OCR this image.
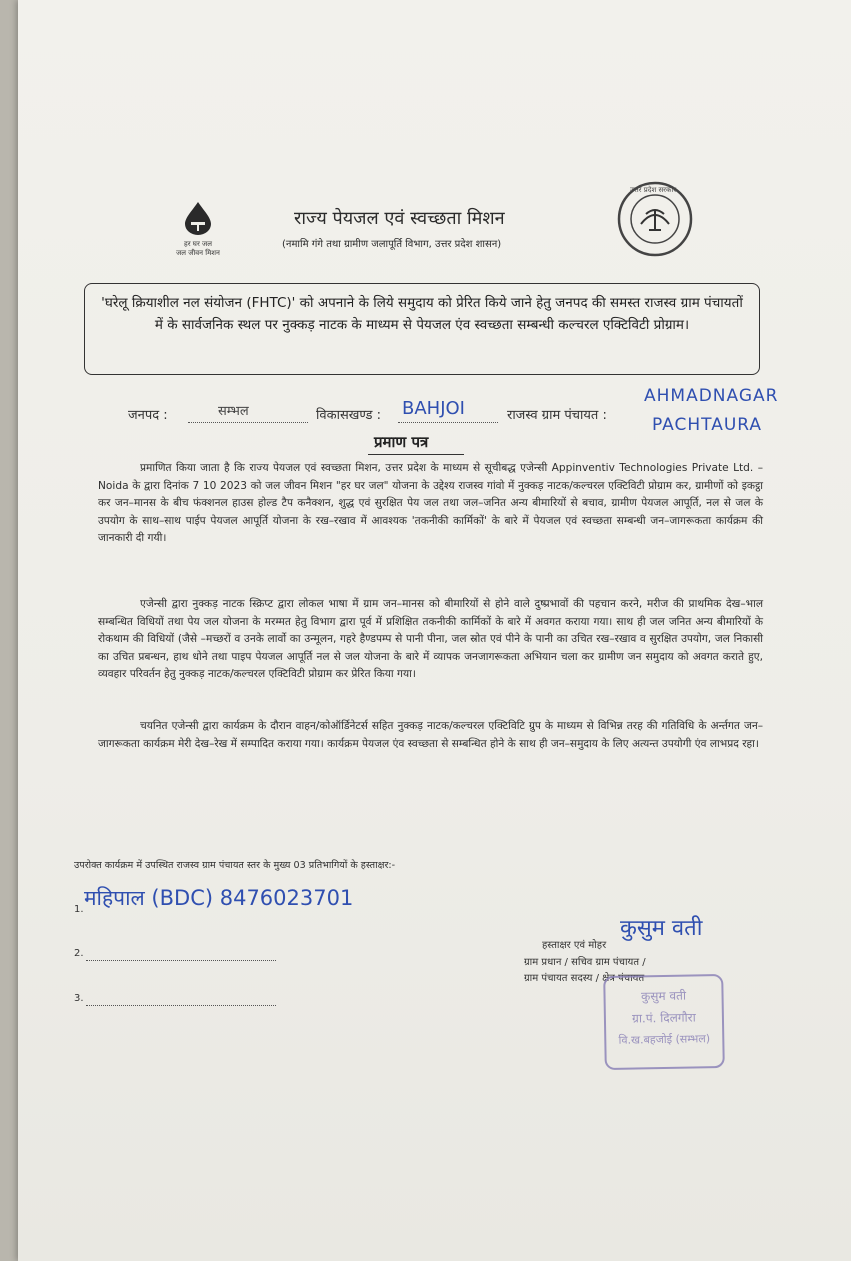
हर घर जल
जल जीवन मिशन
राज्य पेयजल एवं स्वच्छता मिशन
(नमामि गंगे तथा ग्रामीण जलापूर्ति विभाग, उत्तर प्रदेश शासन)
उत्तर प्रदेश सरकार
'घरेलू क्रियाशील नल संयोजन (FHTC)' को अपनाने के लिये समुदाय को प्रेरित किये जाने हेतु जनपद की समस्त राजस्व ग्राम पंचायतों में के सार्वजनिक स्थल पर नुक्कड़ नाटक के माध्यम से पेयजल एंव स्वच्छता सम्बन्धी कल्चरल एक्टिविटी प्रोग्राम।
जनपद :	सम्भल	विकासखण्ड : BAHJOI	राजस्व ग्राम पंचायत :
AHMADNAGAR
PACHTAURA
प्रमाण पत्र

प्रमाणित किया जाता है कि राज्य पेयजल एवं स्वच्छता मिशन, उत्तर प्रदेश के माध्यम से सूचीबद्ध एजेन्सी Appinventiv Technologies Private Ltd. – Noida के द्वारा दिनांक 7 10 2023 को जल जीवन मिशन "हर घर जल" योजना के उद्देश्य राजस्व गांवो में नुक्कड़ नाटक/कल्चरल एक्टिविटी प्रोग्राम कर, ग्रामीणों को इकट्ठा कर जन–मानस के बीच फंक्शनल हाउस होल्ड टैप कनैक्शन, शुद्ध एवं सुरक्षित पेय जल तथा जल–जनित अन्य बीमारियों से बचाव, ग्रामीण पेयजल आपूर्ति, नल से जल के उपयोग के साथ–साथ पाईप पेयजल आपूर्ति योजना के रख–रखाव में आवश्यक 'तकनीकी कार्मिकों' के बारे में पेयजल एवं स्वच्छता सम्बन्धी जन–जागरूकता कार्यक्रम की जानकारी दी गयी।

एजेन्सी द्वारा नुक्कड़ नाटक स्क्रिप्ट द्वारा लोकल भाषा में ग्राम जन–मानस को बीमारियों से होने वाले दुष्प्रभावों की पहचान करने, मरीज की प्राथमिक देख–भाल सम्बन्धित विधियों तथा पेय जल योजना के मरम्मत हेतु विभाग द्वारा पूर्व में प्रशिक्षित तकनीकी कार्मिकों के बारे में अवगत कराया गया। साथ ही जल जनित अन्य बीमारियों के रोकथाम की विधियों (जैसे –मच्छरों व उनके लार्वो का उन्मूलन, गहरे हैण्डपम्प से पानी पीना, जल स्रोत एवं पीने के पानी का उचित रख–रखाव व सुरक्षित उपयोग, जल निकासी का उचित प्रबन्धन, हाथ धोने तथा पाइप पेयजल आपूर्ति नल से जल योजना के बारे में व्यापक जनजागरूकता अभियान चला कर ग्रामीण जन समुदाय को अवगत कराते हुए, व्यवहार परिवर्तन हेतु नुक्कड़ नाटक/कल्चरल एक्टिविटी प्रोग्राम कर प्रेरित किया गया।

चयनित एजेन्सी द्वारा कार्यक्रम के दौरान वाहन/कोऑर्डिनेटर्स सहित नुक्कड़ नाटक/कल्चरल एक्टिविटि ग्रुप के माध्यम से विभिन्न तरह की गतिविधि के अर्न्तगत जन–जागरूकता कार्यक्रम मेरी देख–रेख में सम्पादित कराया गया। कार्यक्रम पेयजल एंव स्वच्छता से सम्बन्धित होने के साथ ही जन–समुदाय के लिए अत्यन्त उपयोगी एंव लाभप्रद रहा।

उपरोक्त कार्यक्रम में उपस्थित राजस्व ग्राम पंचायत स्तर के मुख्य 03 प्रतिभागियों के हस्ताक्षर:-
1. महिपाल (BDC) 8476023701
2.
3.
कुसुम वती
हस्ताक्षर एवं मोहर
ग्राम प्रधान / सचिव ग्राम पंचायत /
ग्राम पंचायत सदस्य / क्षेत्र पंचायत
कुसुम वती
ग्रा.पं. दिलगौरा
वि.ख.बहजोई (सम्भल)
